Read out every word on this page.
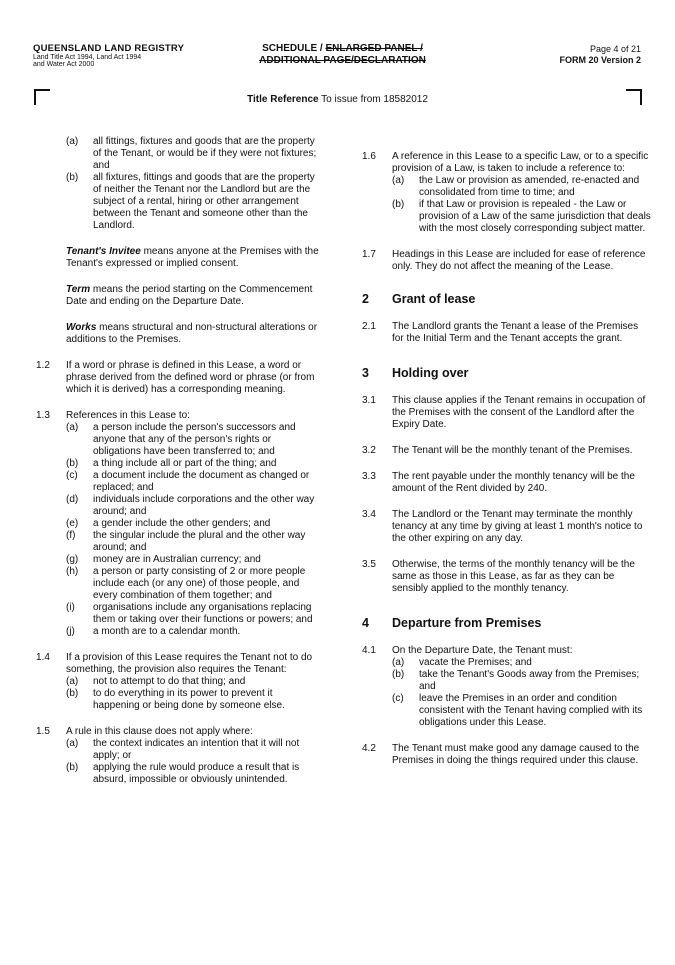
QUEENSLAND LAND REGISTRY
Land Title Act 1994, Land Act 1994
and Water Act 2000
SCHEDULE / ENLARGED PANEL /
ADDITIONAL PAGE/DECLARATION
Page 4 of 21
FORM 20 Version 2
Title Reference To issue from 18582012
(a)	all fittings, fixtures and goods that are the property of the Tenant, or would be if they were not fixtures; and
(b)	all fixtures, fittings and goods that are the property of neither the Tenant nor the Landlord but are the subject of a rental, hiring or other arrangement between the Tenant and someone other than the Landlord.
Tenant's Invitee means anyone at the Premises with the Tenant's expressed or implied consent.
Term means the period starting on the Commencement Date and ending on the Departure Date.
Works means structural and non-structural alterations or additions to the Premises.
1.2	If a word or phrase is defined in this Lease, a word or phrase derived from the defined word or phrase (or from which it is derived) has a corresponding meaning.
1.3	References in this Lease to:
(a)	a person include the person's successors and anyone that any of the person's rights or obligations have been transferred to; and
(b)	a thing include all or part of the thing; and
(c)	a document include the document as changed or replaced; and
(d)	individuals include corporations and the other way around; and
(e)	a gender include the other genders; and
(f)	the singular include the plural and the other way around; and
(g)	money are in Australian currency; and
(h)	a person or party consisting of 2 or more people include each (or any one) of those people, and every combination of them together; and
(i)	organisations include any organisations replacing them or taking over their functions or powers; and
(j)	a month are to a calendar month.
1.4	If a provision of this Lease requires the Tenant not to do something, the provision also requires the Tenant:
(a)	not to attempt to do that thing; and
(b)	to do everything in its power to prevent it happening or being done by someone else.
1.5	A rule in this clause does not apply where:
(a)	the context indicates an intention that it will not apply; or
(b)	applying the rule would produce a result that is absurd, impossible or obviously unintended.
1.6	A reference in this Lease to a specific Law, or to a specific provision of a Law, is taken to include a reference to:
(a)	the Law or provision as amended, re-enacted and consolidated from time to time; and
(b)	if that Law or provision is repealed - the Law or provision of a Law of the same jurisdiction that deals with the most closely corresponding subject matter.
1.7	Headings in this Lease are included for ease of reference only. They do not affect the meaning of the Lease.
2	Grant of lease
2.1	The Landlord grants the Tenant a lease of the Premises for the Initial Term and the Tenant accepts the grant.
3	Holding over
3.1	This clause applies if the Tenant remains in occupation of the Premises with the consent of the Landlord after the Expiry Date.
3.2	The Tenant will be the monthly tenant of the Premises.
3.3	The rent payable under the monthly tenancy will be the amount of the Rent divided by 240.
3.4	The Landlord or the Tenant may terminate the monthly tenancy at any time by giving at least 1 month's notice to the other expiring on any day.
3.5	Otherwise, the terms of the monthly tenancy will be the same as those in this Lease, as far as they can be sensibly applied to the monthly tenancy.
4	Departure from Premises
4.1	On the Departure Date, the Tenant must:
(a)	vacate the Premises; and
(b)	take the Tenant's Goods away from the Premises; and
(c)	leave the Premises in an order and condition consistent with the Tenant having complied with its obligations under this Lease.
4.2	The Tenant must make good any damage caused to the Premises in doing the things required under this clause.
